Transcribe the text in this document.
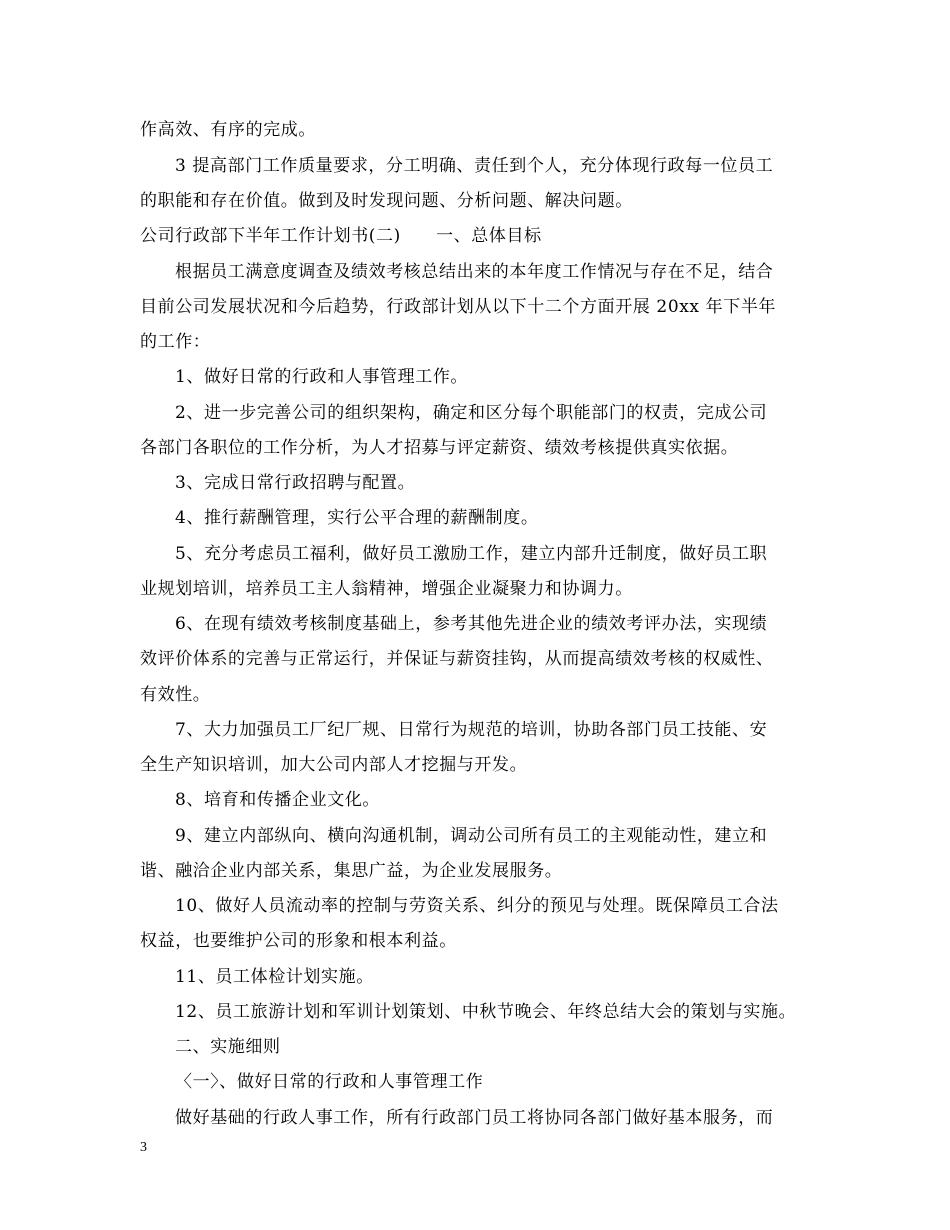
作高效、有序的完成。
3 提高部门工作质量要求，分工明确、责任到个人，充分体现行政每一位员工
的职能和存在价值。做到及时发现问题、分析问题、解决问题。
公司行政部下半年工作计划书(二)　　一、总体目标
根据员工满意度调查及绩效考核总结出来的本年度工作情况与存在不足，结合
目前公司发展状况和今后趋势，行政部计划从以下十二个方面开展 20xx 年下半年
的工作：
1、做好日常的行政和人事管理工作。
2、进一步完善公司的组织架构，确定和区分每个职能部门的权责，完成公司
各部门各职位的工作分析，为人才招募与评定薪资、绩效考核提供真实依据。
3、完成日常行政招聘与配置。
4、推行薪酬管理，实行公平合理的薪酬制度。
5、充分考虑员工福利，做好员工激励工作，建立内部升迁制度，做好员工职
业规划培训，培养员工主人翁精神，增强企业凝聚力和协调力。
6、在现有绩效考核制度基础上，参考其他先进企业的绩效考评办法，实现绩
效评价体系的完善与正常运行，并保证与薪资挂钩，从而提高绩效考核的权威性、
有效性。
7、大力加强员工厂纪厂规、日常行为规范的培训，协助各部门员工技能、安
全生产知识培训，加大公司内部人才挖掘与开发。
8、培育和传播企业文化。
9、建立内部纵向、横向沟通机制，调动公司所有员工的主观能动性，建立和
谐、融洽企业内部关系，集思广益，为企业发展服务。
10、做好人员流动率的控制与劳资关系、纠分的预见与处理。既保障员工合法
权益，也要维护公司的形象和根本利益。
11、员工体检计划实施。
12、员工旅游计划和军训计划策划、中秋节晚会、年终总结大会的策划与实施。
二、实施细则
〈一〉、做好日常的行政和人事管理工作
做好基础的行政人事工作，所有行政部门员工将协同各部门做好基本服务，而
3
